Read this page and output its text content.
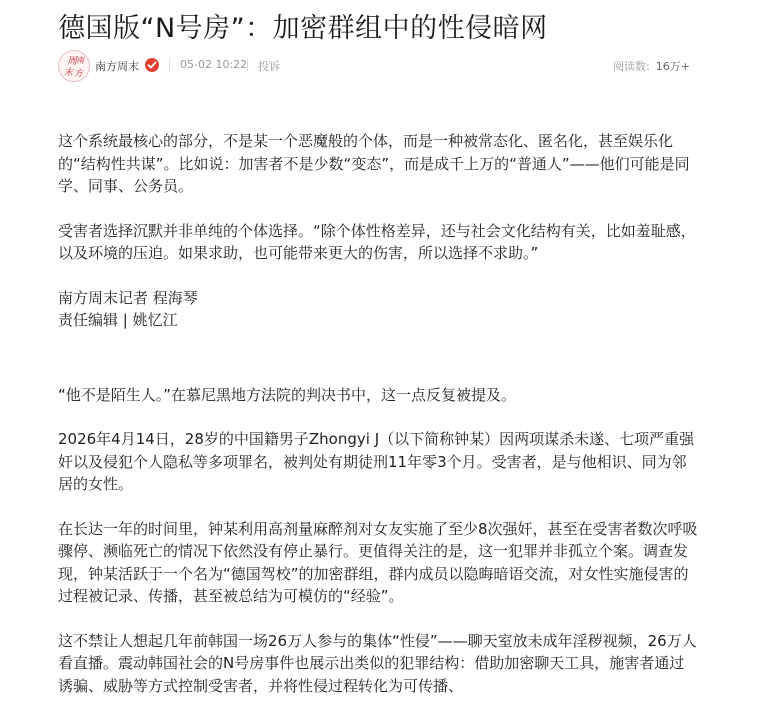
德国版“N号房”：加密群组中的性侵暗网
周 南
末 方
南方周末	05-02 10:22 投诉	阅读数: 16万+

这个系统最核心的部分，不是某一个恶魔般的个体，而是一种被常态化、匿名化，甚至娱乐化的“结构性共谋”。比如说：加害者不是少数“变态”，而是成千上万的“普通人”——他们可能是同学、同事、公务员。

受害者选择沉默并非单纯的个体选择。“除个体性格差异，还与社会文化结构有关，比如羞耻感，以及环境的压迫。如果求助，也可能带来更大的伤害，所以选择不求助。”

南方周末记者 程海琴

责任编辑 | 姚忆江

“他不是陌生人。”在慕尼黑地方法院的判决书中，这一点反复被提及。

2026年4月14日，28岁的中国籍男子Zhongyi J（以下简称钟某）因两项谋杀未遂、七项严重强奸以及侵犯个人隐私等多项罪名，被判处有期徒刑11年零3个月。受害者，是与他相识、同为邻居的女性。

在长达一年的时间里，钟某利用高剂量麻醉剂对女友实施了至少8次强奸，甚至在受害者数次呼吸骤停、濒临死亡的情况下依然没有停止暴行。更值得关注的是，这一犯罪并非孤立个案。调查发现，钟某活跃于一个名为“德国驾校”的加密群组，群内成员以隐晦暗语交流，对女性实施侵害的过程被记录、传播，甚至被总结为可模仿的“经验”。

这不禁让人想起几年前韩国一场26万人参与的集体“性侵”——聊天室放未成年淫秽视频，26万人看直播。震动韩国社会的N号房事件也展示出类似的犯罪结构：借助加密聊天工具，施害者通过诱骗、威胁等方式控制受害者，并将性侵过程转化为可传播、
